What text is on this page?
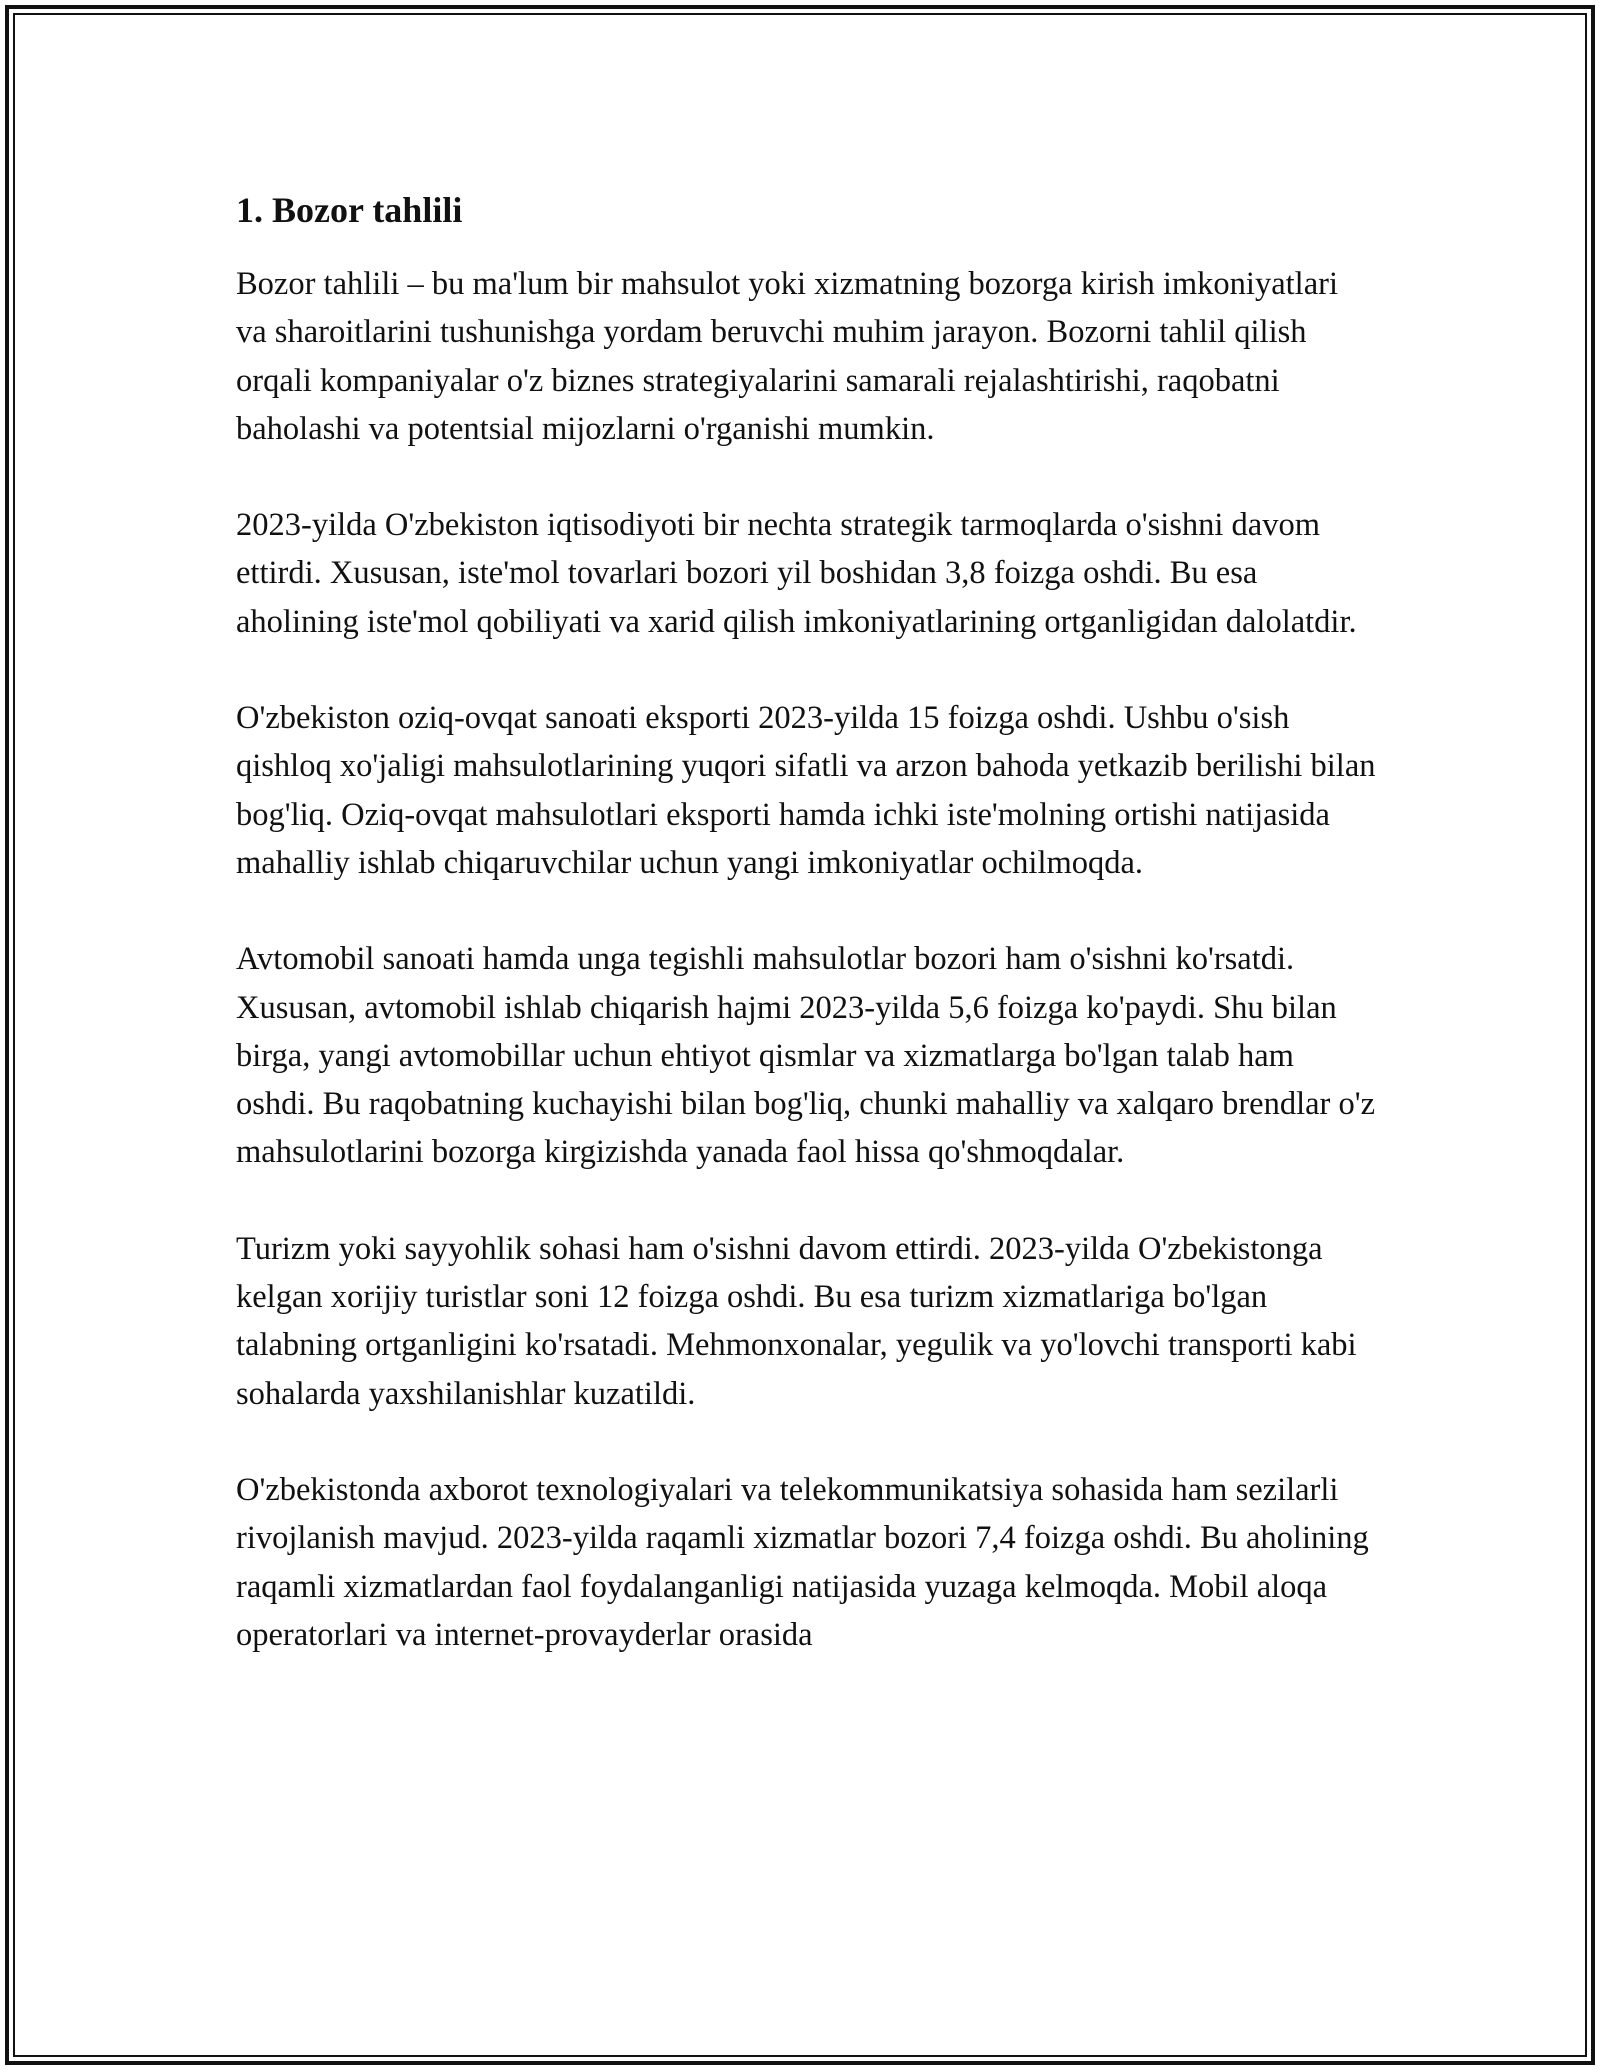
1. Bozor tahlili

Bozor tahlili – bu ma'lum bir mahsulot yoki xizmatning bozorga kirish imkoniyatlari va sharoitlarini tushunishga yordam beruvchi muhim jarayon. Bozorni tahlil qilish orqali kompaniyalar o'z biznes strategiyalarini samarali rejalashtirishi, raqobatni baholashi va potentsial mijozlarni o'rganishi mumkin.

2023-yilda O'zbekiston iqtisodiyoti bir nechta strategik tarmoqlarda o'sishni davom ettirdi. Xususan, iste'mol tovarlari bozori yil boshidan 3,8 foizga oshdi. Bu esa aholining iste'mol qobiliyati va xarid qilish imkoniyatlarining ortganligidan dalolatdir.

O'zbekiston oziq-ovqat sanoati eksporti 2023-yilda 15 foizga oshdi. Ushbu o'sish qishloq xo'jaligi mahsulotlarining yuqori sifatli va arzon bahoda yetkazib berilishi bilan bog'liq. Oziq-ovqat mahsulotlari eksporti hamda ichki iste'molning ortishi natijasida mahalliy ishlab chiqaruvchilar uchun yangi imkoniyatlar ochilmoqda.

Avtomobil sanoati hamda unga tegishli mahsulotlar bozori ham o'sishni ko'rsatdi. Xususan, avtomobil ishlab chiqarish hajmi 2023-yilda 5,6 foizga ko'paydi. Shu bilan birga, yangi avtomobillar uchun ehtiyot qismlar va xizmatlarga bo'lgan talab ham oshdi. Bu raqobatning kuchayishi bilan bog'liq, chunki mahalliy va xalqaro brendlar o'z mahsulotlarini bozorga kirgizishda yanada faol hissa qo'shmoqdalar.

Turizm yoki sayyohlik sohasi ham o'sishni davom ettirdi. 2023-yilda O'zbekistonga kelgan xorijiy turistlar soni 12 foizga oshdi. Bu esa turizm xizmatlariga bo'lgan talabning ortganligini ko'rsatadi. Mehmonxonalar, yegulik va yo'lovchi transporti kabi sohalarda yaxshilanishlar kuzatildi.

O'zbekistonda axborot texnologiyalari va telekommunikatsiya sohasida ham sezilarli rivojlanish mavjud. 2023-yilda raqamli xizmatlar bozori 7,4 foizga oshdi. Bu aholining raqamli xizmatlardan faol foydalanganligi natijasida yuzaga kelmoqda. Mobil aloqa operatorlari va internet-provayderlar orasida
